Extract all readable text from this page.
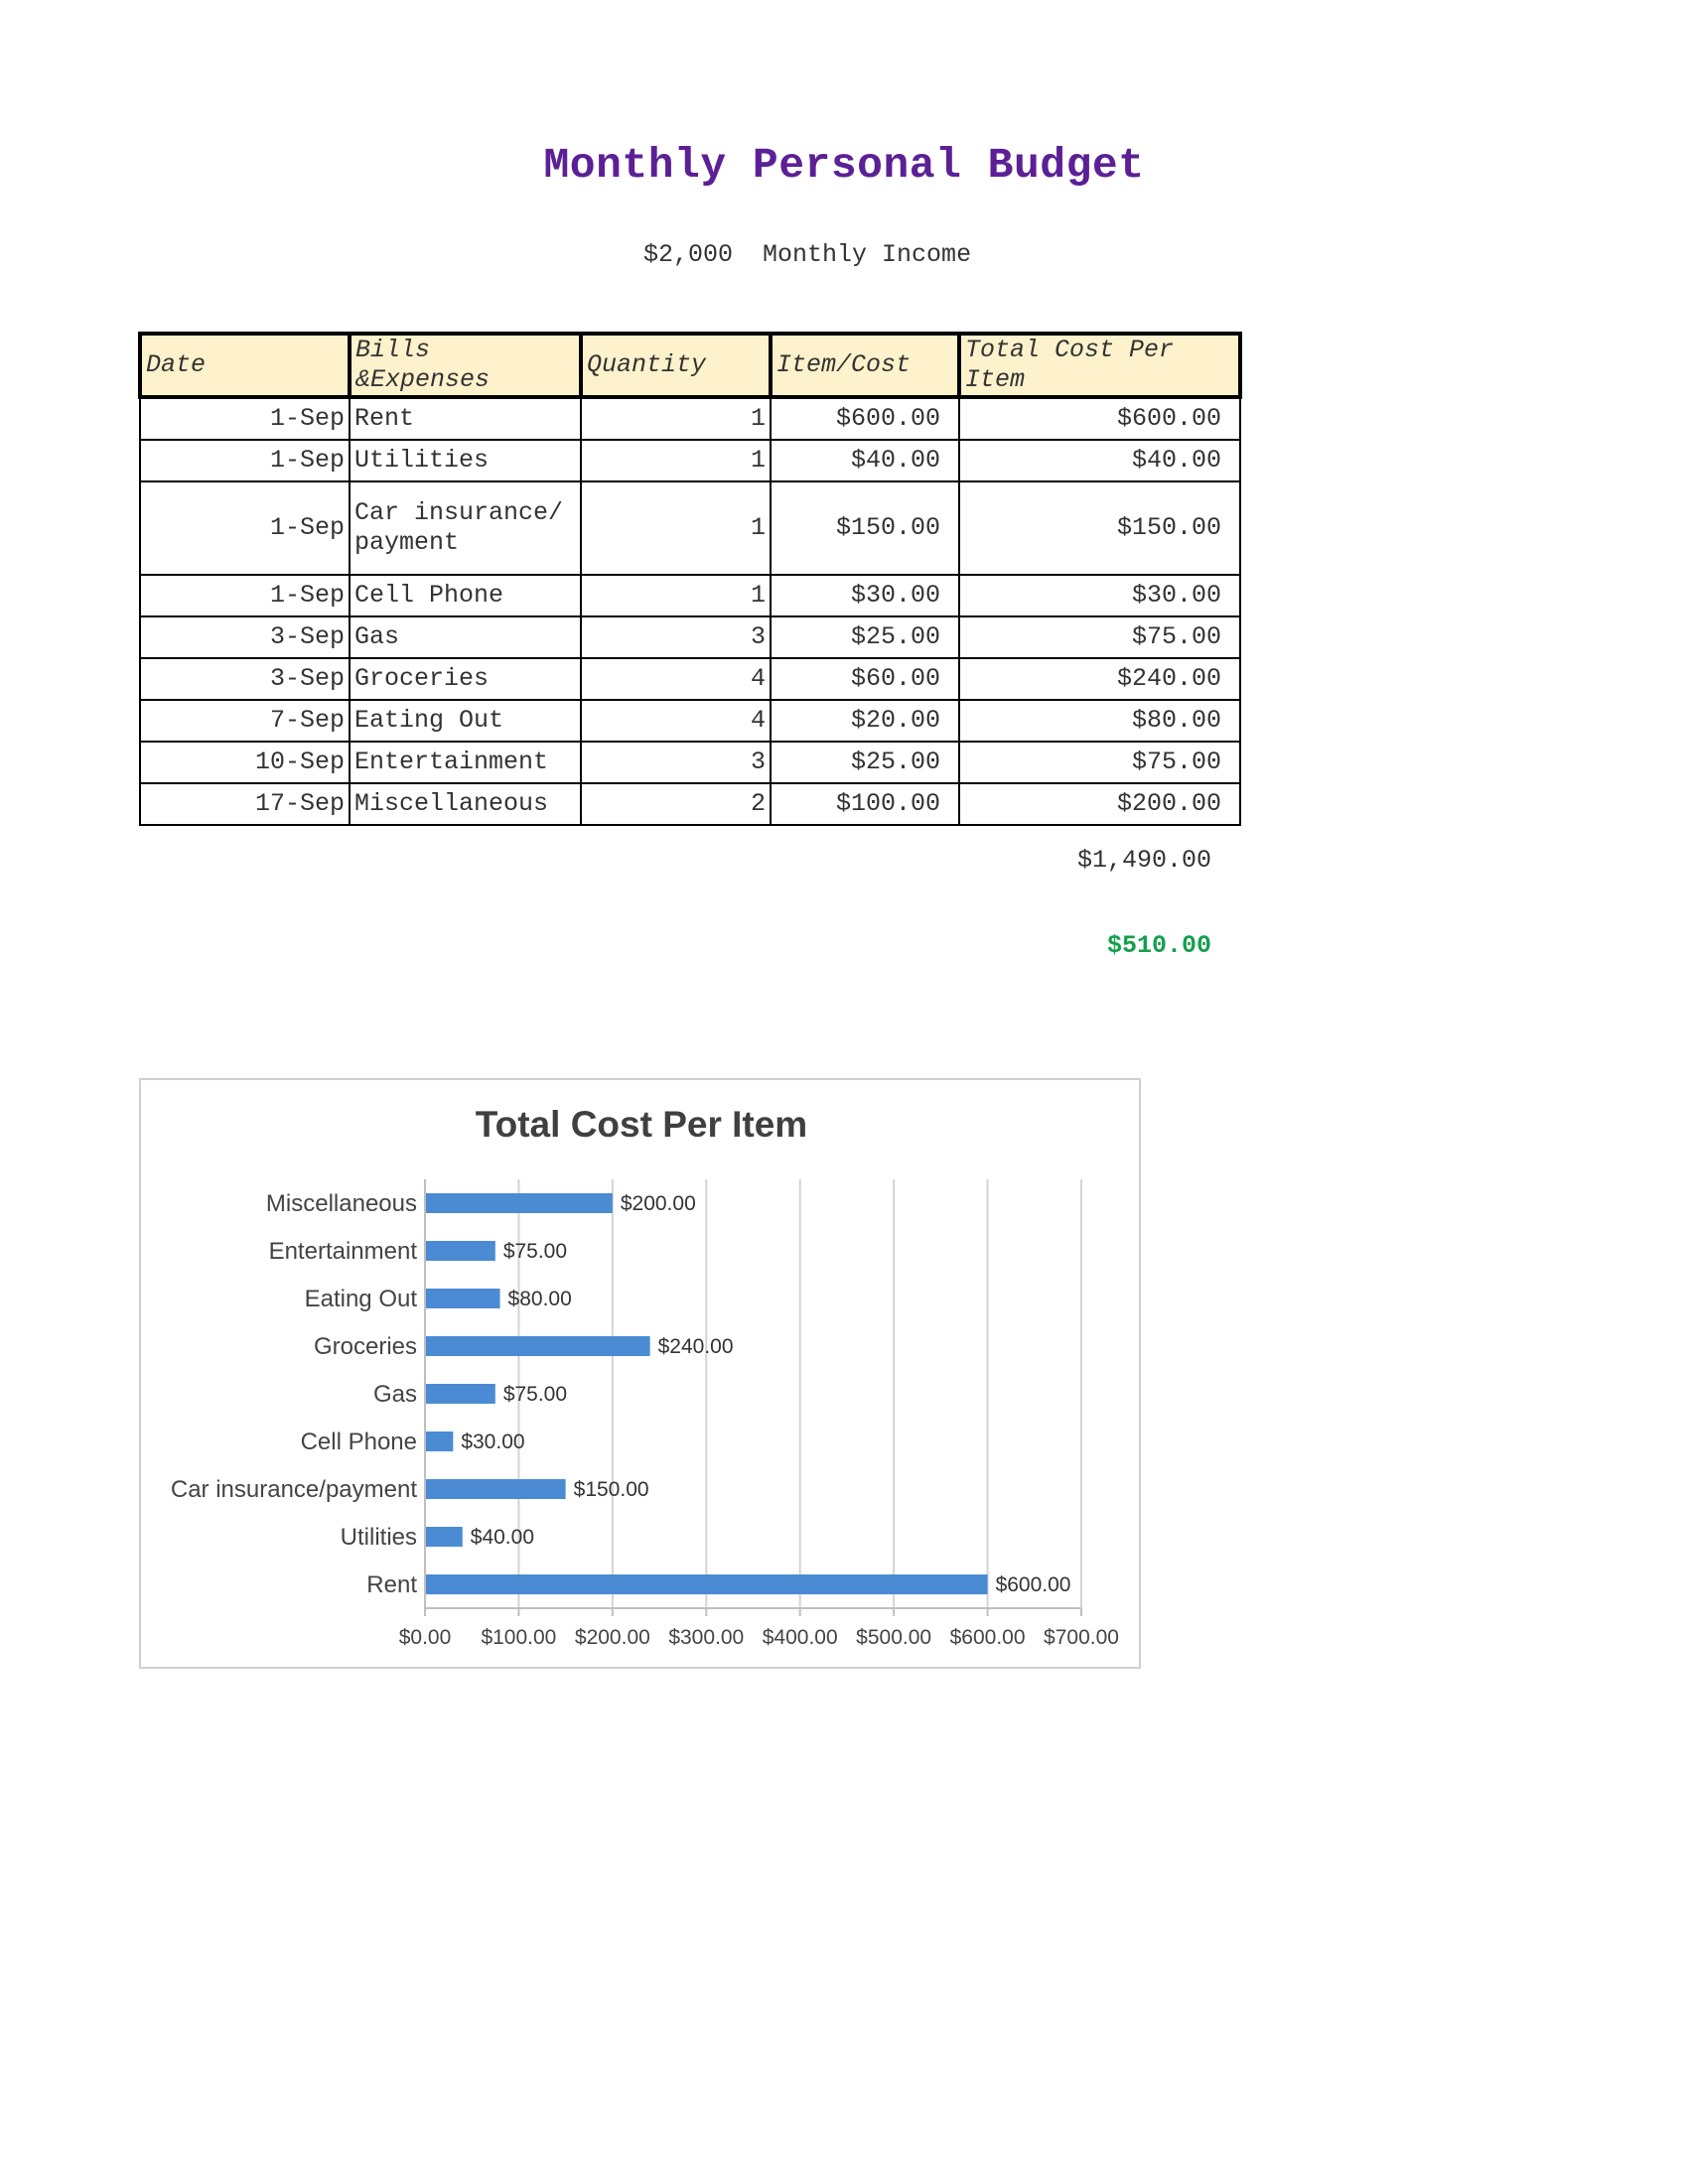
Monthly Personal Budget
$2,000 Monthly Income
Date	Bills &Expenses	Quantity	Item/Cost	Total Cost Per Item

1-Sep	Rent	1	$600.00	$600.00
1-Sep	Utilities	1	$40.00	$40.00
1-Sep	Car insurance/payment	1	$150.00	$150.00
1-Sep	Cell Phone	1	$30.00	$30.00
3-Sep	Gas	3	$25.00	$75.00
3-Sep	Groceries	4	$60.00	$240.00
7-Sep	Eating Out	4	$20.00	$80.00
10-Sep	Entertainment	3	$25.00	$75.00
17-Sep	Miscellaneous	2	$100.00	$200.00
$1,490.00
$510.00
Total Cost Per Item
$200.00
Miscellaneous
$75.00
Entertainment
$80.00
Eating Out
$240.00
Groceries
$75.00
Gas
$30.00
Cell Phone
$150.00
Car insurance/payment
$40.00
Utilities
$600.00
Rent
$0.00 $100.00 $200.00 $300.00 $400.00 $500.00 $600.00 $700.00
